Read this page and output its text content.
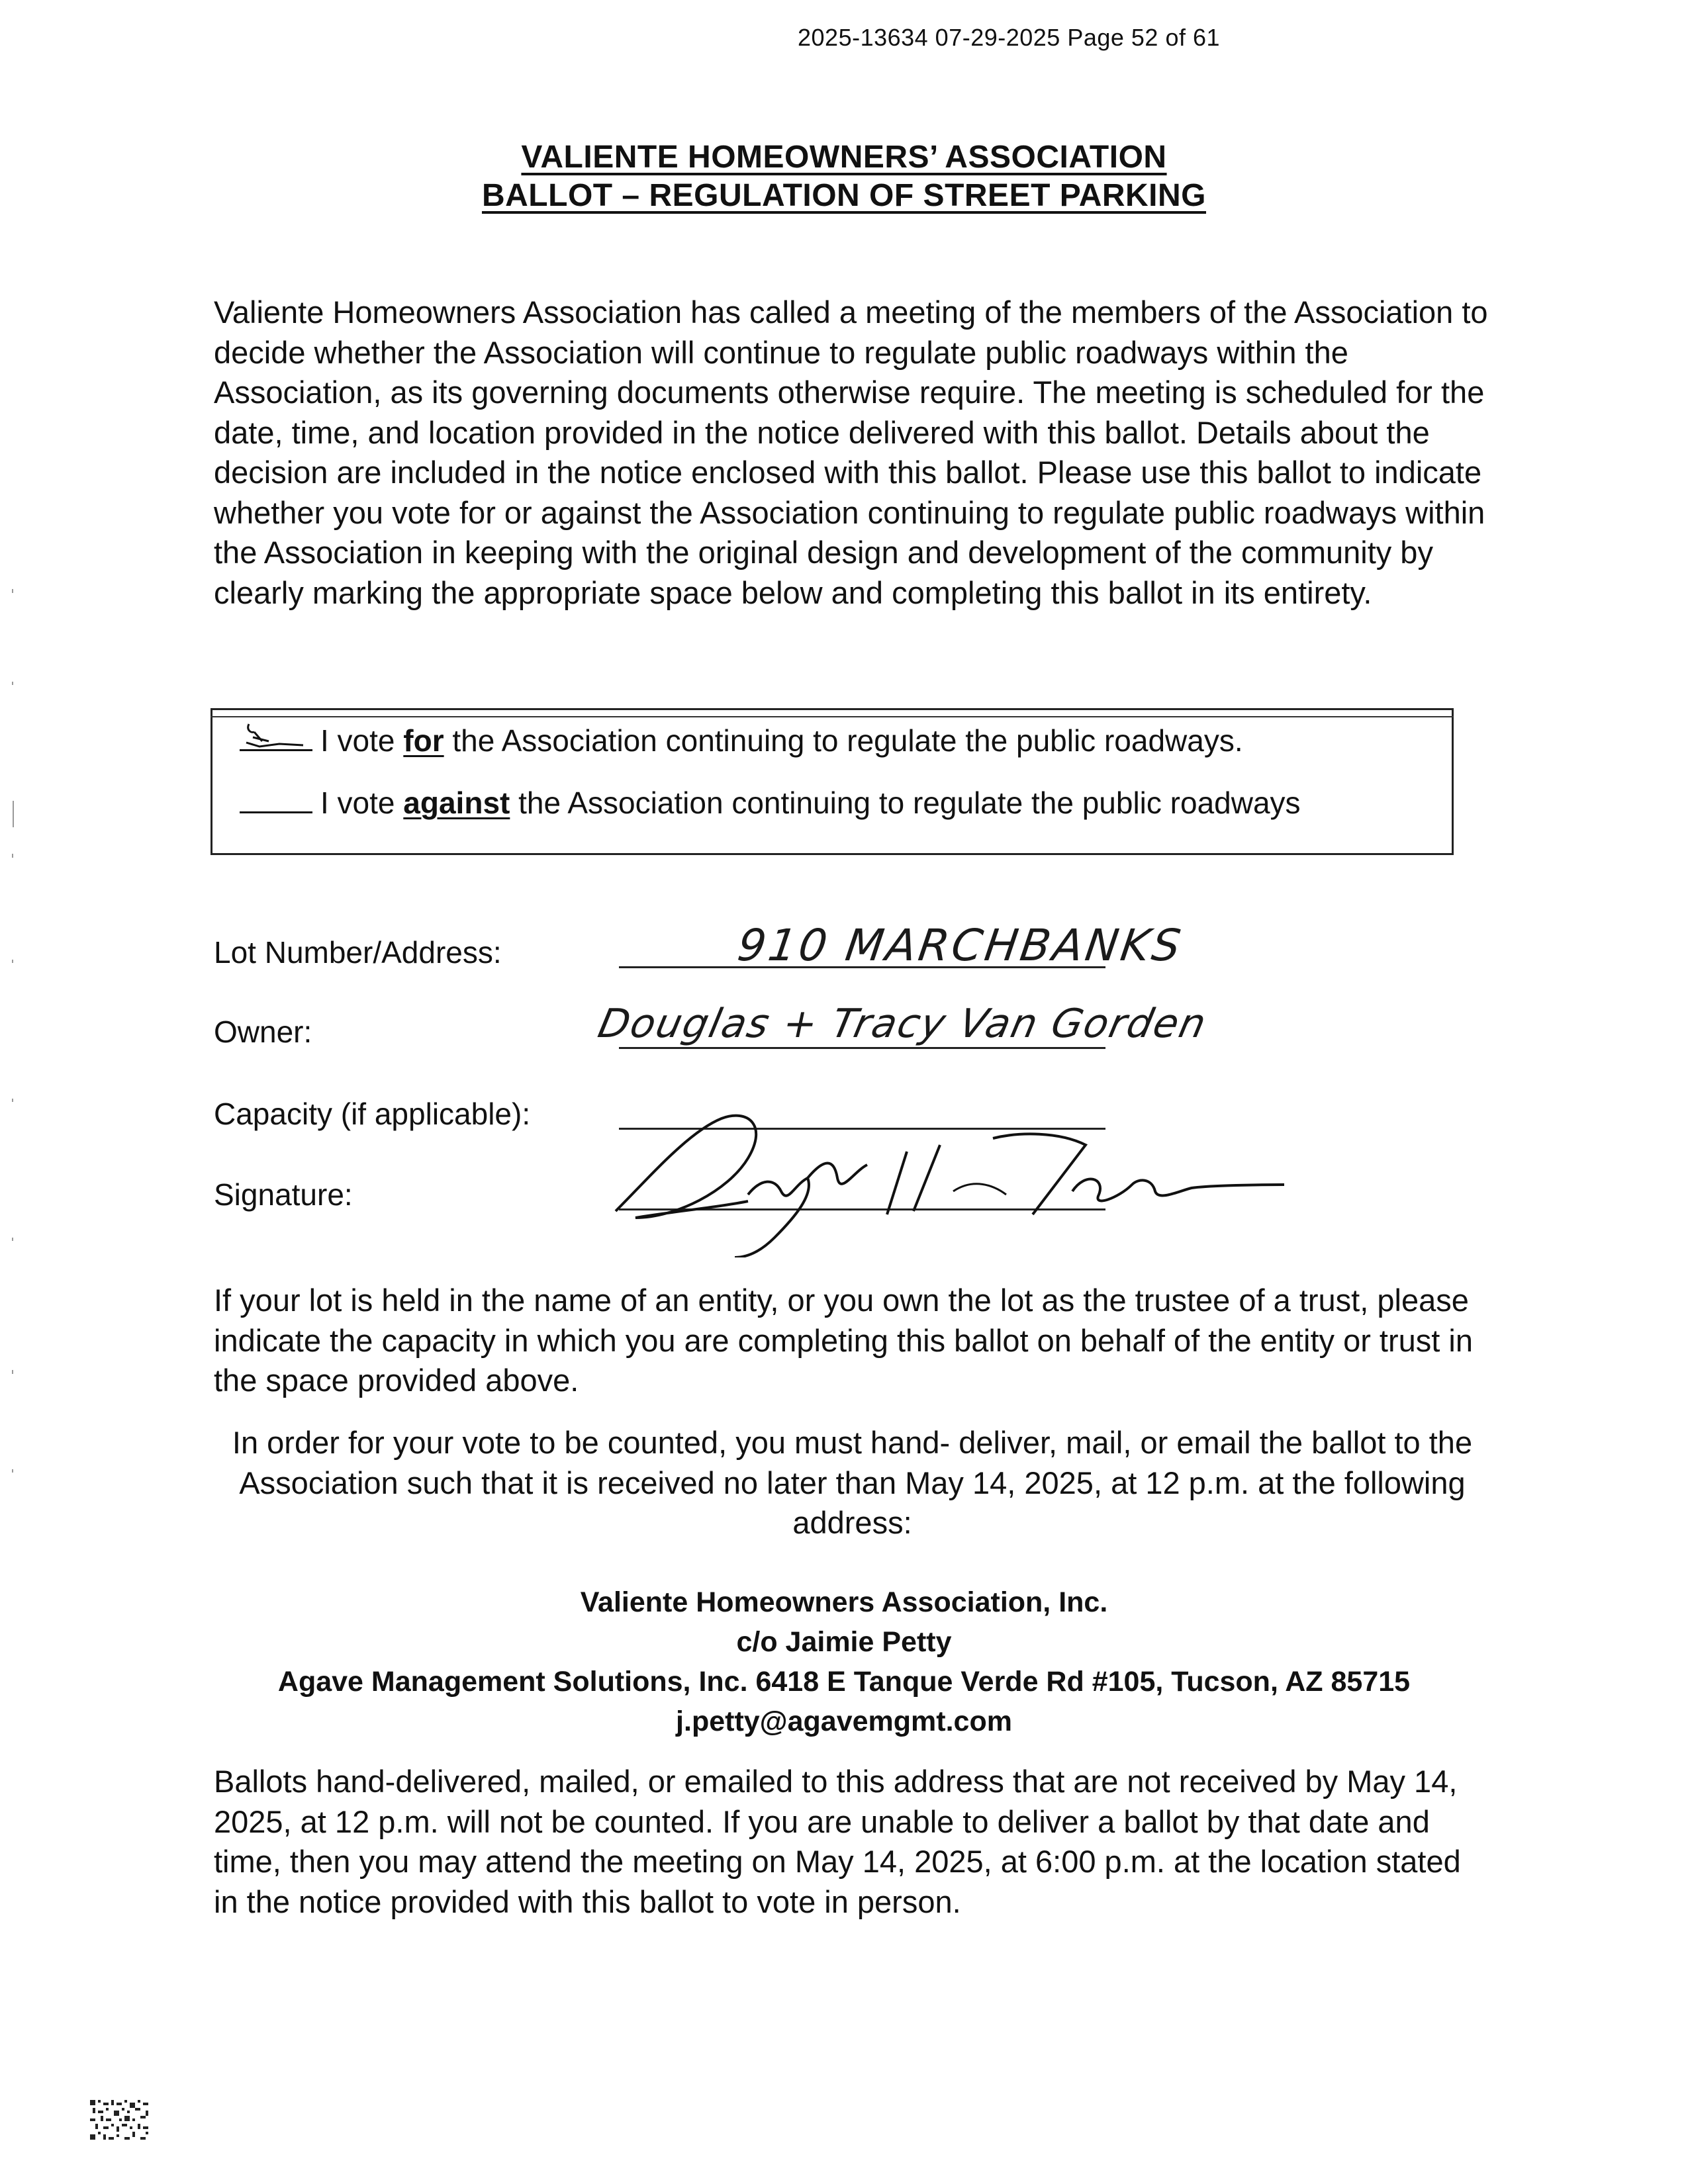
2025-13634 07-29-2025 Page 52 of 61
VALIENTE HOMEOWNERS’ ASSOCIATION
BALLOT – REGULATION OF STREET PARKING
Valiente Homeowners Association has called a meeting of the members of the Association to decide whether the Association will continue to regulate public roadways within the Association, as its governing documents otherwise require. The meeting is scheduled for the date, time, and location provided in the notice delivered with this ballot. Details about the decision are included in the notice enclosed with this ballot. Please use this ballot to indicate whether you vote for or against the Association continuing to regulate public roadways within the Association in keeping with the original design and development of the community by clearly marking the appropriate space below and completing this ballot in its entirety.
I vote for the Association continuing to regulate the public roadways.
I vote against the Association continuing to regulate the public roadways
Lot Number/Address:	910 MARCHBANKS
Owner:	Douglas + Tracy Van Gorden
Capacity (if applicable):
Signature:
If your lot is held in the name of an entity, or you own the lot as the trustee of a trust, please indicate the capacity in which you are completing this ballot on behalf of the entity or trust in the space provided above.
In order for your vote to be counted, you must hand- deliver, mail, or email the ballot to the Association such that it is received no later than May 14, 2025, at 12 p.m. at the following address:
Valiente Homeowners Association, Inc.
c/o Jaimie Petty
Agave Management Solutions, Inc. 6418 E Tanque Verde Rd #105, Tucson, AZ 85715
j.petty@agavemgmt.com
Ballots hand-delivered, mailed, or emailed to this address that are not received by May 14, 2025, at 12 p.m. will not be counted. If you are unable to deliver a ballot by that date and time, then you may attend the meeting on May 14, 2025, at 6:00 p.m. at the location stated in the notice provided with this ballot to vote in person.
